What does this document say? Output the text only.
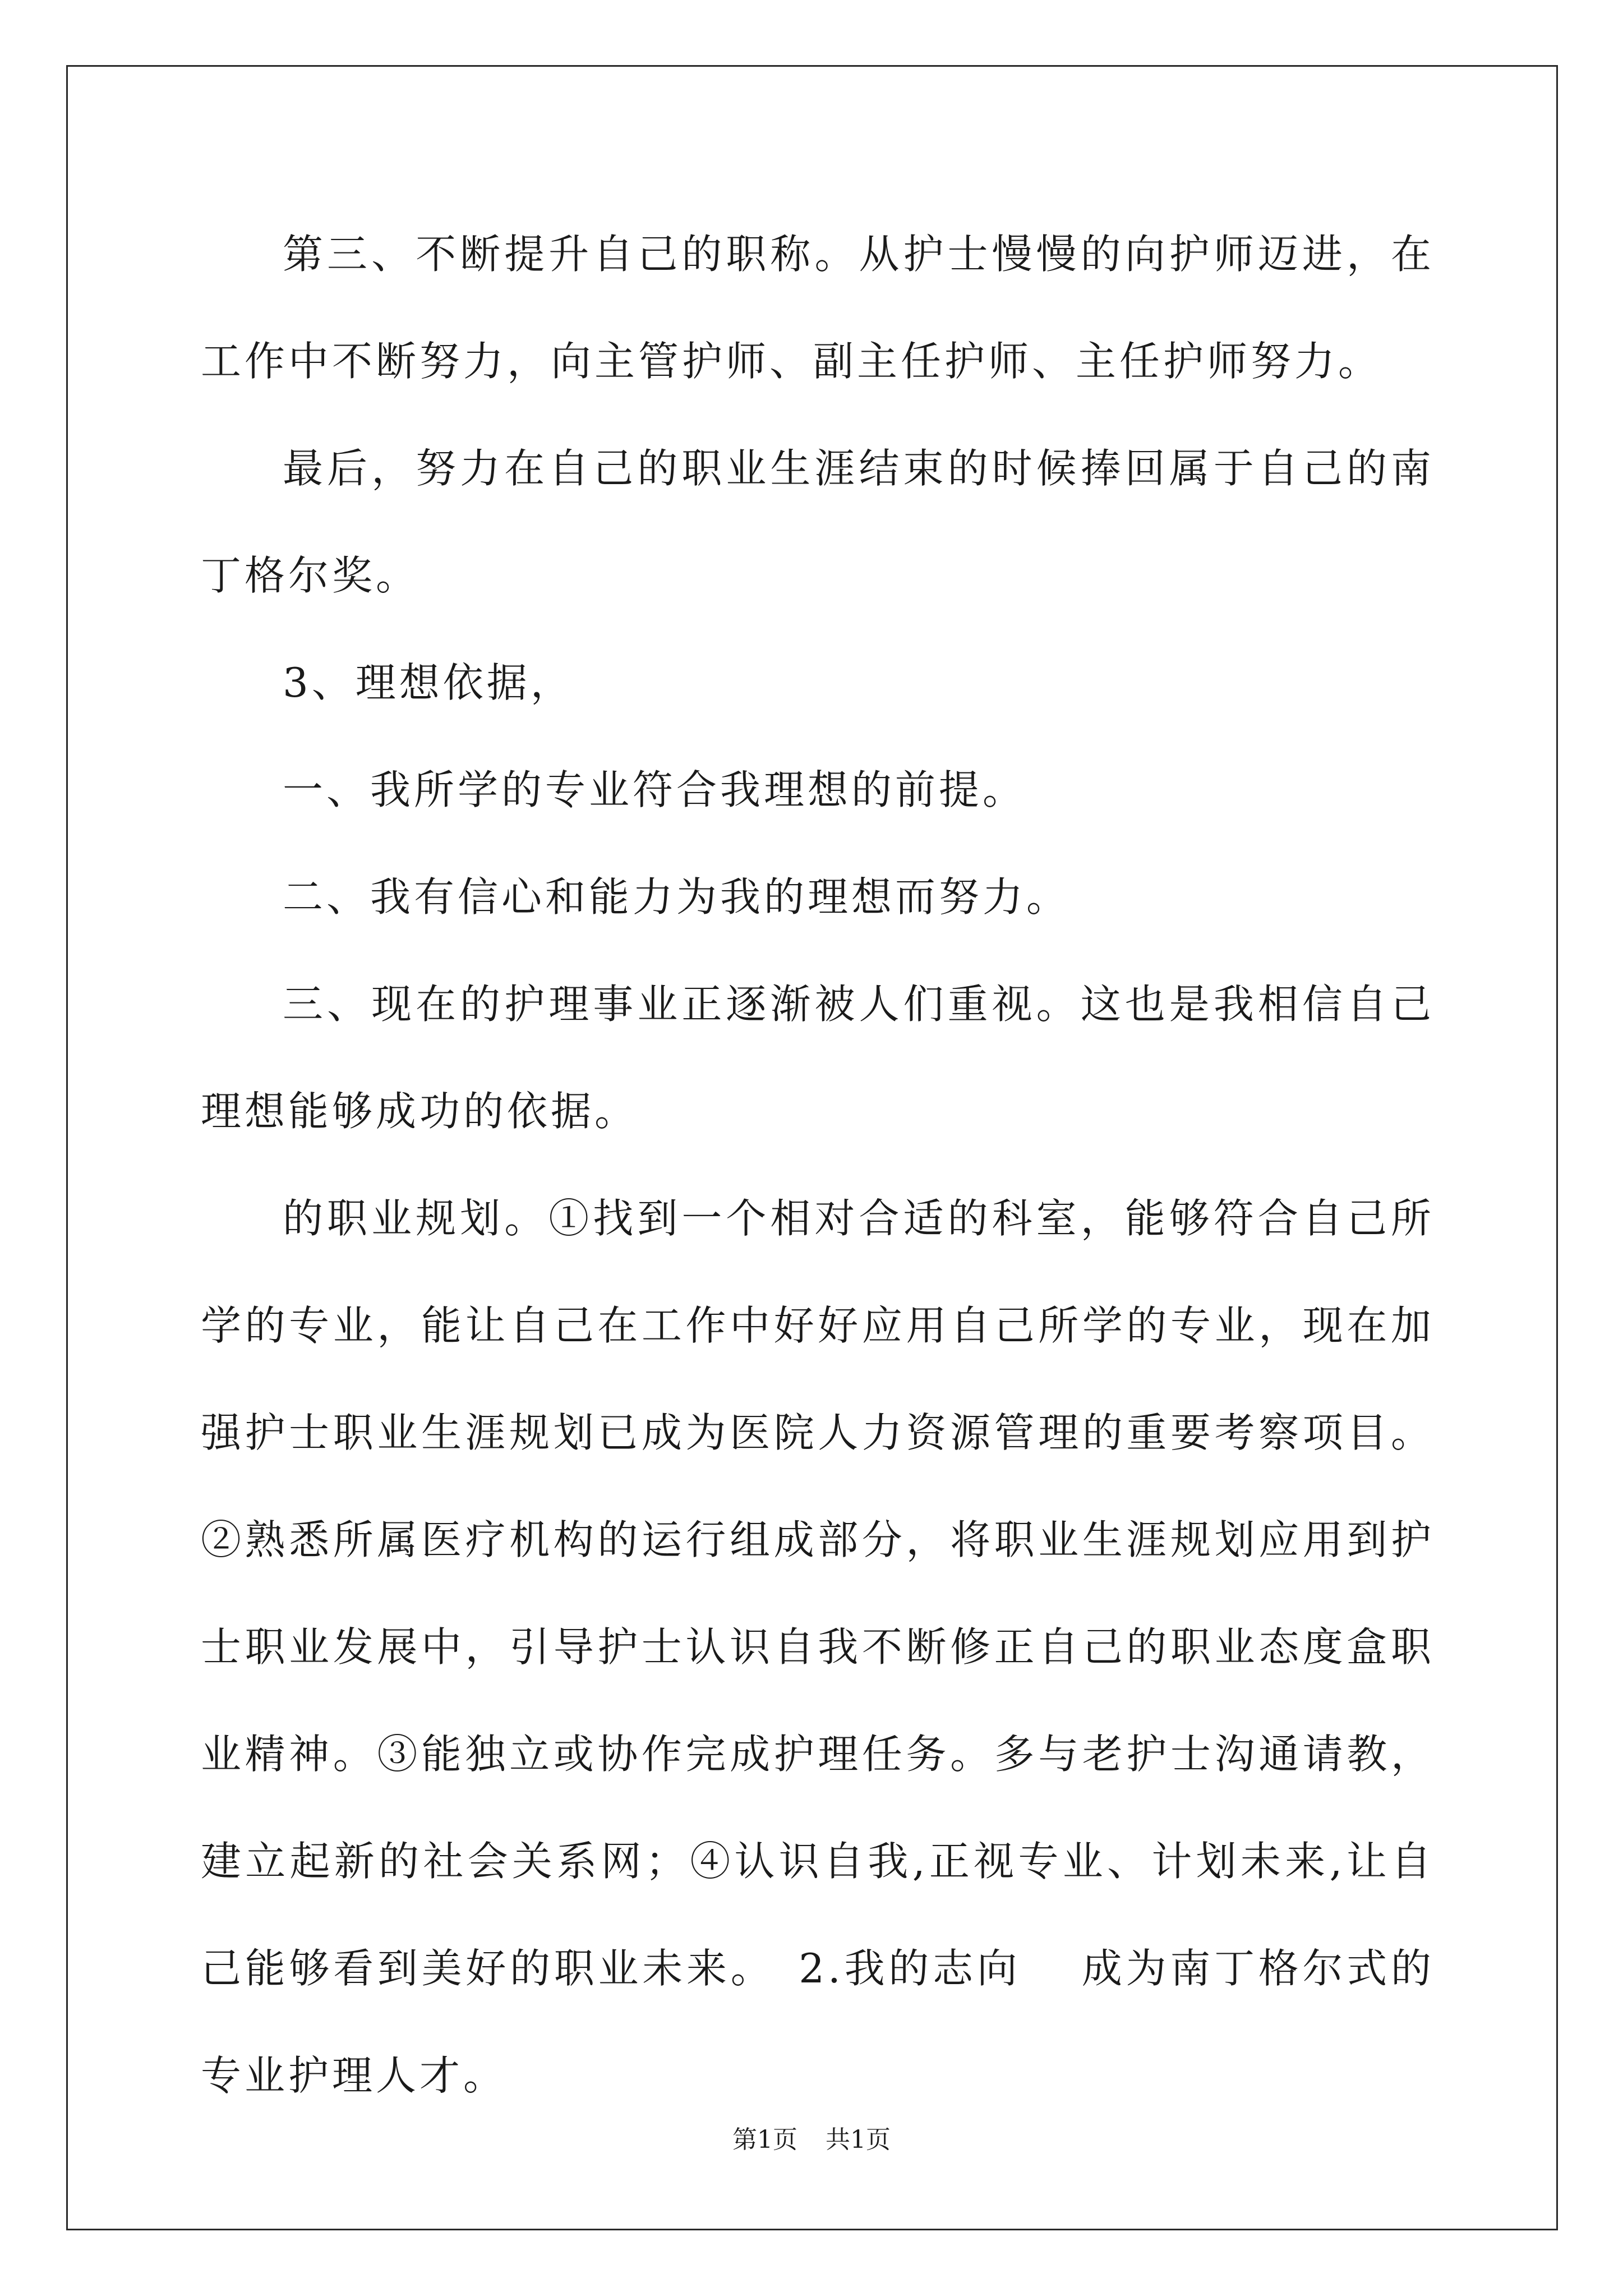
第三、不断提升自己的职称。从护士慢慢的向护师迈进，在工作中不断努力，向主管护师、副主任护师、主任护师努力。

最后，努力在自己的职业生涯结束的时候捧回属于自己的南丁格尔奖。

3、理想依据，

一、我所学的专业符合我理想的前提。

二、我有信心和能力为我的理想而努力。

三、现在的护理事业正逐渐被人们重视。这也是我相信自己理想能够成功的依据。

的职业规划。①找到一个相对合适的科室，能够符合自己所学的专业，能让自己在工作中好好应用自己所学的专业，现在加强护士职业生涯规划已成为医院人力资源管理的重要考察项目。②熟悉所属医疗机构的运行组成部分，将职业生涯规划应用到护士职业发展中，引导护士认识自我不断修正自己的职业态度盒职业精神。③能独立或协作完成护理任务。多与老护士沟通请教，建立起新的社会关系网；④认识自我,正视专业、计划未来,让自己能够看到美好的职业未来。　2.我的志向　 成为南丁格尔式的专业护理人才。

第1页 共1页
